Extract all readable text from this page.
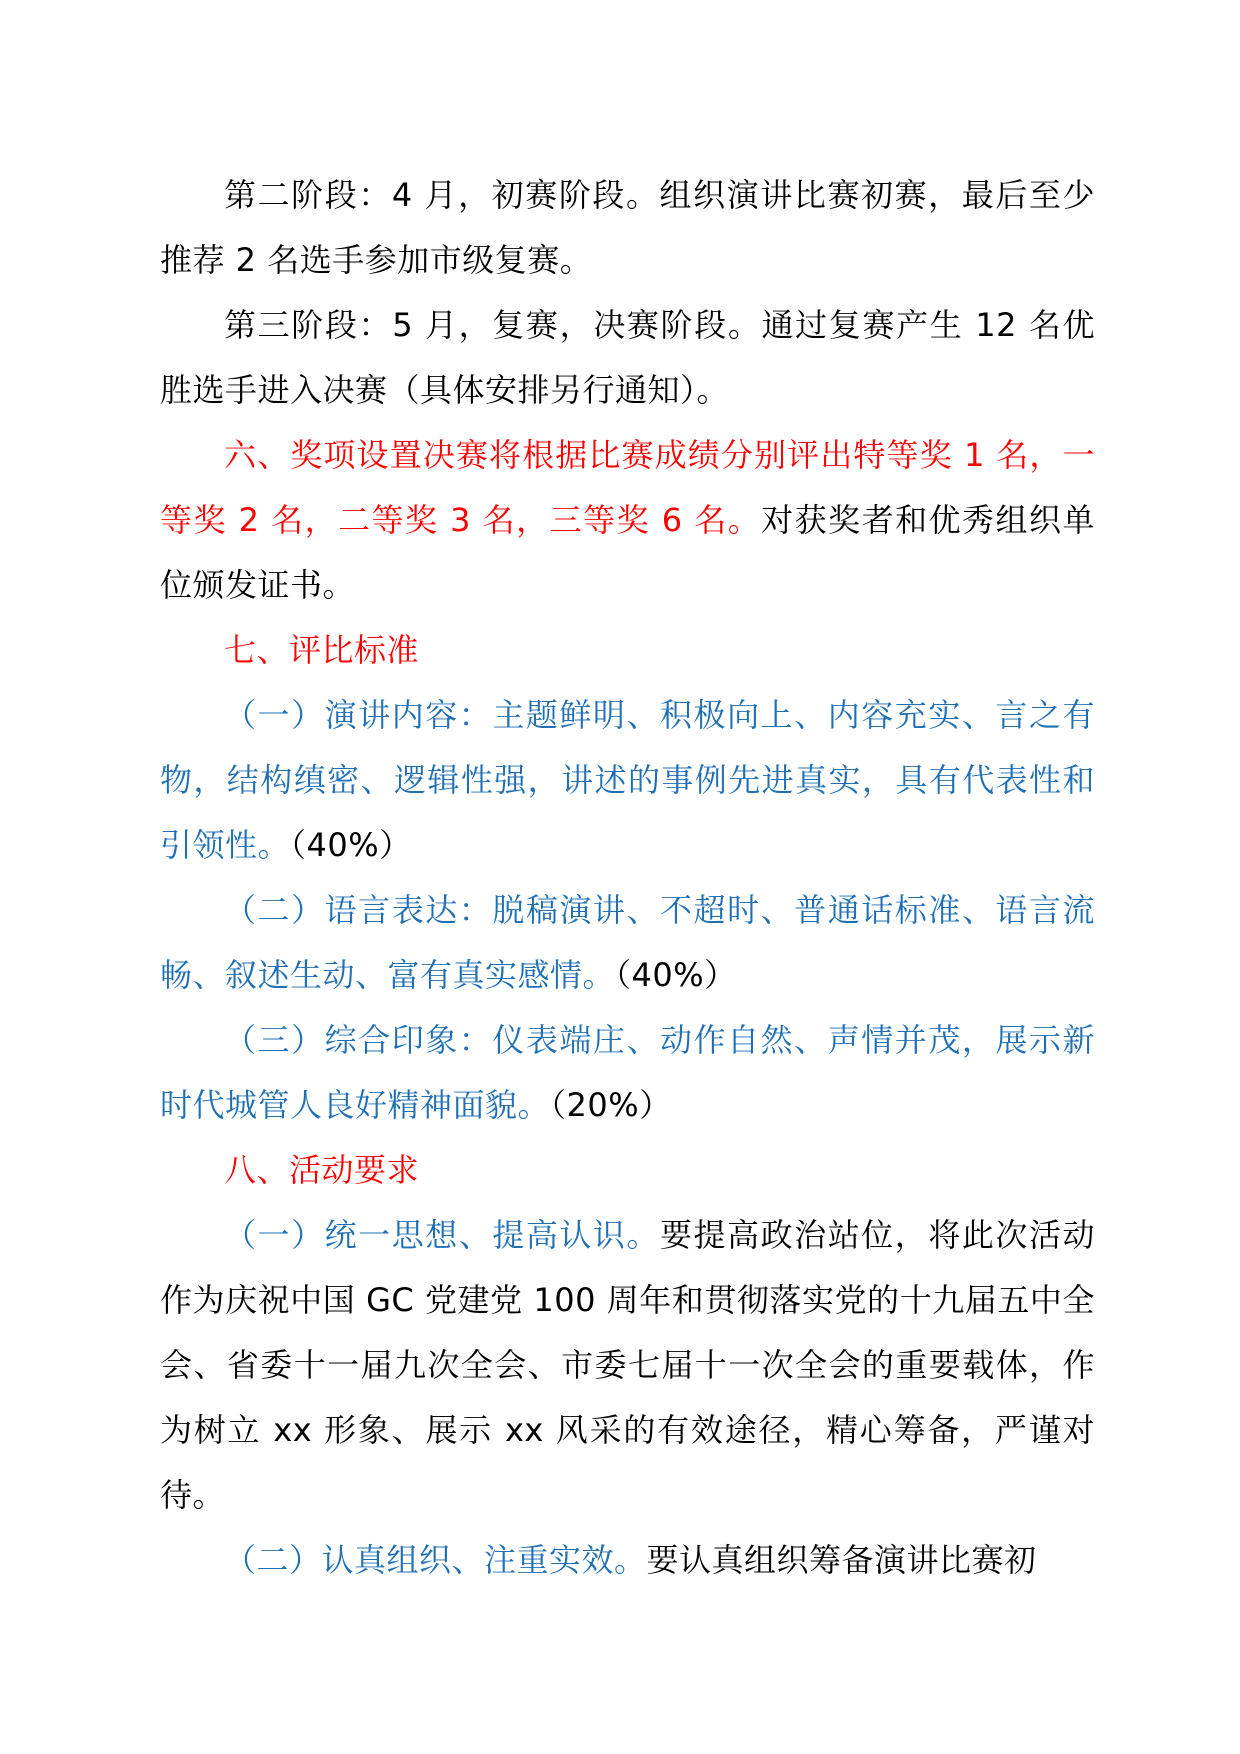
第二阶段：4 月，初赛阶段。组织演讲比赛初赛，最后至少推荐 2 名选手参加市级复赛。

第三阶段：5 月，复赛，决赛阶段。通过复赛产生 12 名优胜选手进入决赛（具体安排另行通知）。

六、奖项设置决赛将根据比赛成绩分别评出特等奖 1 名，一等奖 2 名，二等奖 3 名，三等奖 6 名。对获奖者和优秀组织单位颁发证书。

七、评比标准

（一）演讲内容：主题鲜明、积极向上、内容充实、言之有物，结构缜密、逻辑性强，讲述的事例先进真实，具有代表性和引领性。（40%）

（二）语言表达：脱稿演讲、不超时、普通话标准、语言流畅、叙述生动、富有真实感情。（40%）

（三）综合印象：仪表端庄、动作自然、声情并茂，展示新时代城管人良好精神面貌。（20%）

八、活动要求

（一）统一思想、提高认识。要提高政治站位，将此次活动作为庆祝中国 GC 党建党 100 周年和贯彻落实党的十九届五中全会、省委十一届九次全会、市委七届十一次全会的重要载体，作为树立 xx 形象、展示 xx 风采的有效途径，精心筹备，严谨对待。

（二）认真组织、注重实效。要认真组织筹备演讲比赛初
